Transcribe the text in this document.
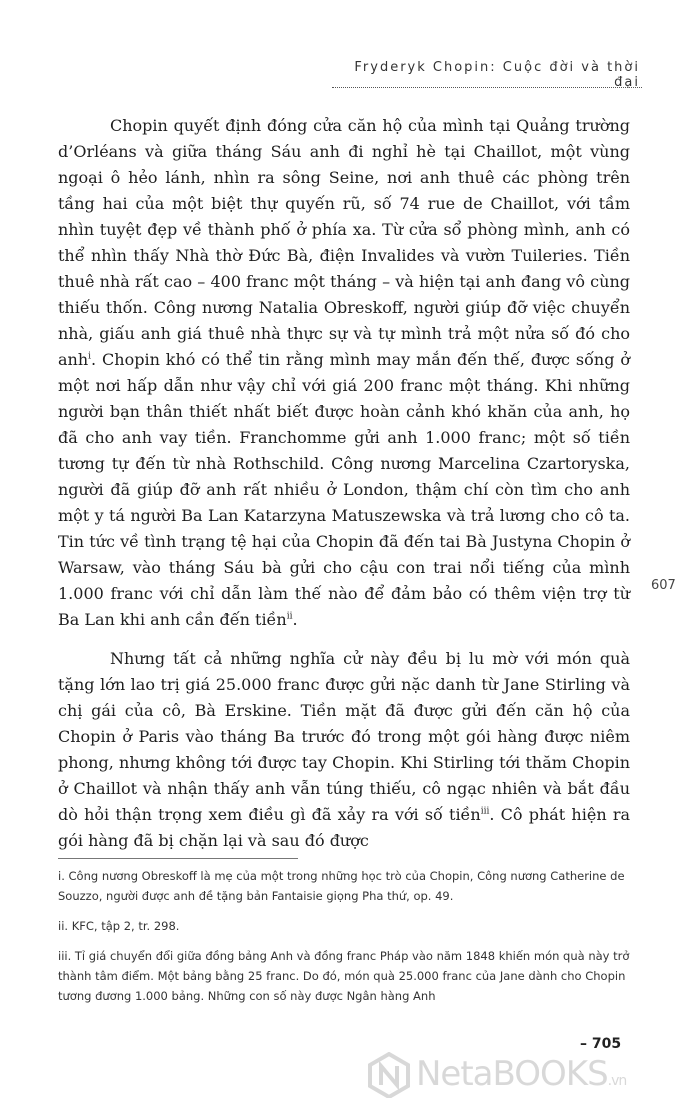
Fryderyk Chopin: Cuộc đời và thời đại

Chopin quyết định đóng cửa căn hộ của mình tại Quảng trường d’Orléans và giữa tháng Sáu anh đi nghỉ hè tại Chaillot, một vùng ngoại ô hẻo lánh, nhìn ra sông Seine, nơi anh thuê các phòng trên tầng hai của một biệt thự quyến rũ, số 74 rue de Chaillot, với tầm nhìn tuyệt đẹp về thành phố ở phía xa. Từ cửa sổ phòng mình, anh có thể nhìn thấy Nhà thờ Đức Bà, điện Invalides và vườn Tuileries. Tiền thuê nhà rất cao – 400 franc một tháng – và hiện tại anh đang vô cùng thiếu thốn. Công nương Natalia Obreskoff, người giúp đỡ việc chuyển nhà, giấu anh giá thuê nhà thực sự và tự mình trả một nửa số đó cho anh$^i$. Chopin khó có thể tin rằng mình may mắn đến thế, được sống ở một nơi hấp dẫn như vậy chỉ với giá 200 franc một tháng. Khi những người bạn thân thiết nhất biết được hoàn cảnh khó khăn của anh, họ đã cho anh vay tiền. Franchomme gửi anh 1.000 franc; một số tiền tương tự đến từ nhà Rothschild. Công nương Marcelina Czartoryska, người đã giúp đỡ anh rất nhiều ở London, thậm chí còn tìm cho anh một y tá người Ba Lan Katarzyna Matuszewska và trả lương cho cô ta. Tin tức về tình trạng tệ hại của Chopin đã đến tai Bà Justyna Chopin ở Warsaw, vào tháng Sáu bà gửi cho cậu con trai nổi tiếng của mình 1.000 franc với chỉ dẫn làm thế nào để đảm bảo có thêm viện trợ từ Ba Lan khi anh cần đến tiền$^{ii}$.

Nhưng tất cả những nghĩa cử này đều bị lu mờ với món quà tặng lớn lao trị giá 25.000 franc được gửi nặc danh từ Jane Stirling và chị gái của cô, Bà Erskine. Tiền mặt đã được gửi đến căn hộ của Chopin ở Paris vào tháng Ba trước đó trong một gói hàng được niêm phong, nhưng không tới được tay Chopin. Khi Stirling tới thăm Chopin ở Chaillot và nhận thấy anh vẫn túng thiếu, cô ngạc nhiên và bắt đầu dò hỏi thận trọng xem điều gì đã xảy ra với số tiền$^{iii}$. Cô phát hiện ra gói hàng đã bị chặn lại và sau đó được

607

i. Công nương Obreskoff là mẹ của một trong những học trò của Chopin, Công nương Catherine de Souzzo, người được anh đề tặng bản Fantaisie giọng Pha thứ, op. 49.

ii. KFC, tập 2, tr. 298.

iii. Tỉ giá chuyển đổi giữa đồng bảng Anh và đồng franc Pháp vào năm 1848 khiến món quà này trở thành tâm điểm. Một bảng bằng 25 franc. Do đó, món quà 25.000 franc của Jane dành cho Chopin tương đương 1.000 bảng. Những con số này được Ngân hàng Anh

– 705
NetaBOOKS.vn
